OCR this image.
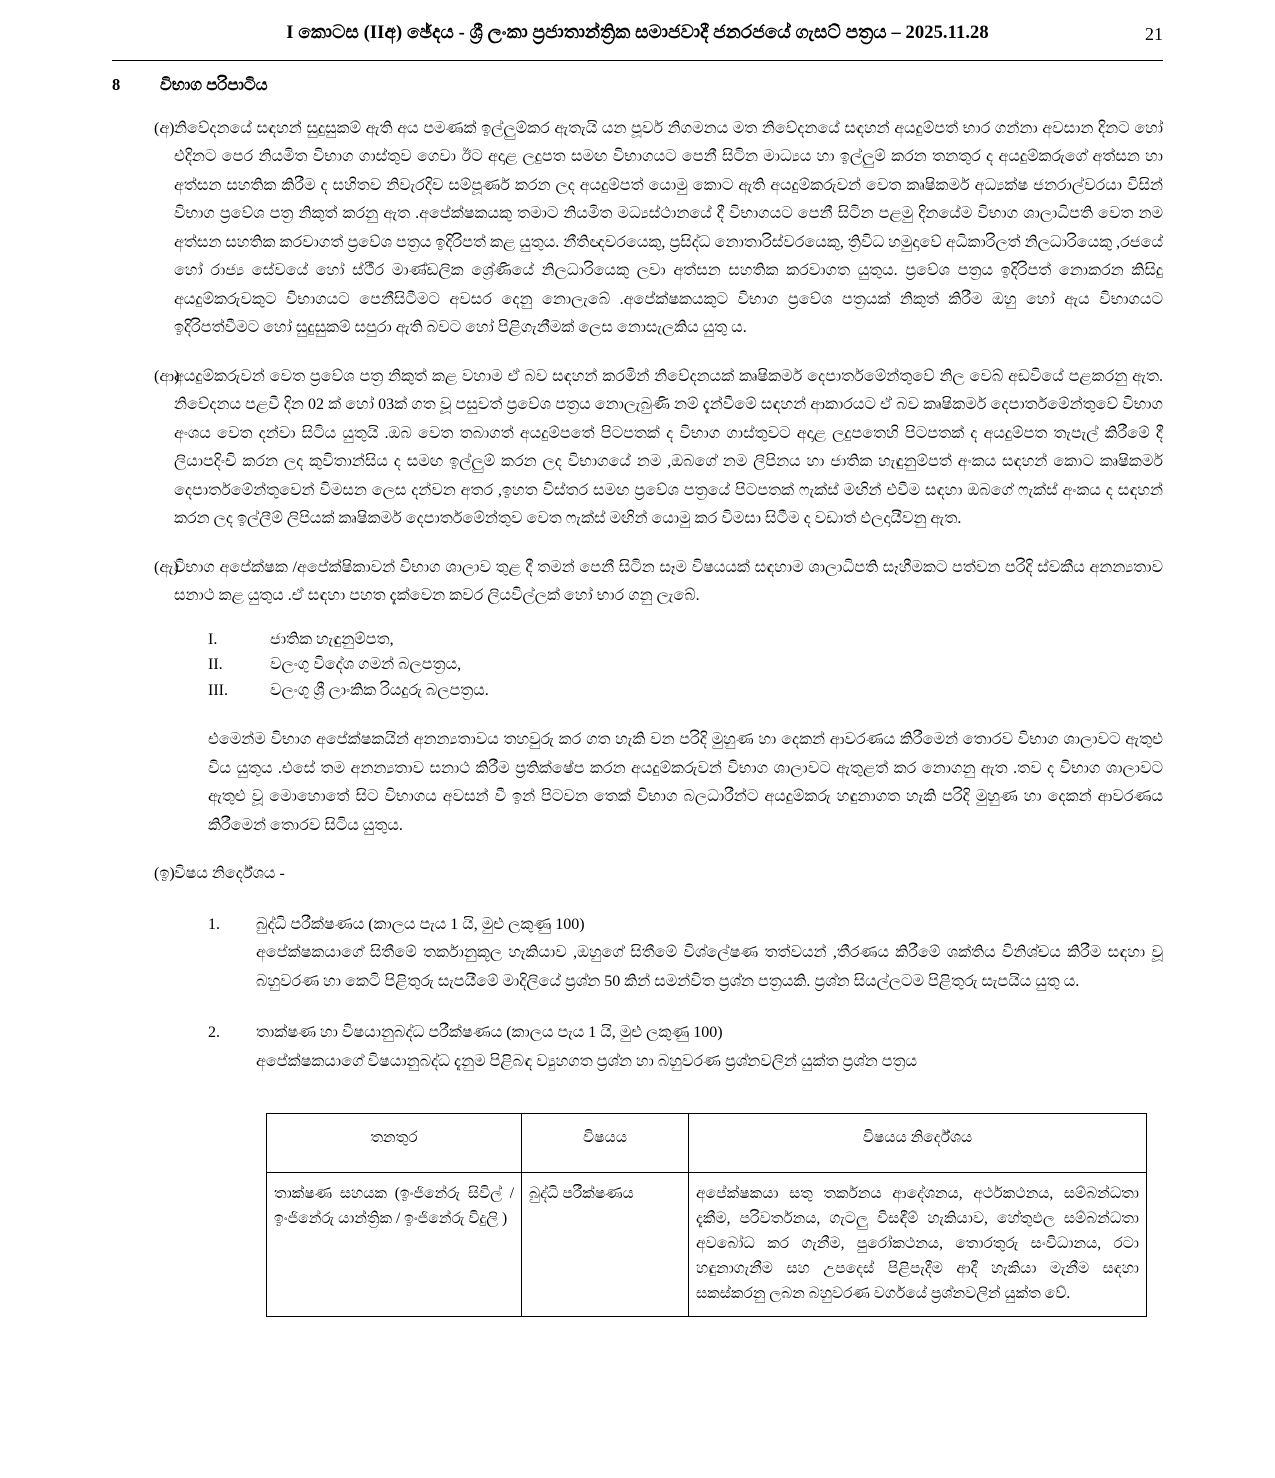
I කොටස (IIඅ) ඡේදය - ශ්‍රී ලංකා ප්‍රජාතාන්ත්‍රික සමාජවාදී ජනරජයේ ගැසට් පත්‍රය – 2025.11.28	21
8	විභාග පරිපාටිය
(අ) නිවේදනයේ සඳහන් සුදුසුකම් ඇති අය පමණක් ඉල්ලුම්කර ඇතැයි යන පූර්ව නිගමනය මත නිවේදනයේ සඳහන් අයදුම්පත් භාර ගන්නා අවසාන දිනට හෝ එදිනට පෙර නියමිත විභාග ගාස්තුව ගෙවා ඊට අදාළ ලදුපත සමඟ විභාගයට පෙනී සිටින මාධ්‍යය හා ඉල්ලුම් කරන තනතුර ද අයදුම්කරුගේ අත්සන හා අත්සන සහතික කිරීම ද සහිතව නිවැරදිව සම්පූර්ණ කරන ලද අයදුම්පත් යොමු කොට ඇති අයදුම්කරුවන් වෙත කෘෂිකර්ම අධ්‍යක්ෂ ජනරාල්වරයා විසින් විභාග ප්‍රවේශ පත්‍ර නිකුත් කරනු ඇත .අපේක්ෂකයකු තමාට නියමිත මධ්‍යස්ථානයේ දී විභාගයට පෙනී සිටින පළමු දිනයේම විභාග ශාලාධිපති වෙත නම අත්සන සහතික කරවාගත් ප්‍රවේශ පත්‍රය ඉදිරිපත් කළ යුතුය. නීතිඥවරයෙකු, ප්‍රසිද්ධ නොතාරිස්වරයෙකු, ත්‍රිවිධ හමුදාවේ අධිකාරිලත් නිලධාරියෙකු ,රජයේ හෝ රාජ්‍ය සේවයේ හෝ ස්ථීර මාණ්ඩලික ශ්‍රේණියේ නිලධාරියෙකු ලවා අත්සන සහතික කරවාගත යුතුය. ප්‍රවේශ පත්‍රය ඉදිරිපත් නොකරන කිසිදු අයදුම්කරුවකුට විභාගයට පෙනීසිටීමට අවසර දෙනු නොලැබේ .අපේක්ෂකයකුට විභාග ප්‍රවේශ පත්‍රයක් නිකුත් කිරීම ඔහු හෝ ඇය විභාගයට ඉදිරිපත්වීමට හෝ සුදුසුකම් සපුරා ඇති බවට හෝ පිළිගැනීමක් ලෙස නොසැලකිය යුතු ය.
(ආ)
අයදුම්කරුවන් වෙත ප්‍රවේශ පත්‍ර නිකුත් කළ වහාම ඒ බව සඳහන් කරමින් නිවේදනයක් කෘෂිකර්ම දෙපාර්තමේන්තුවේ නිල වෙබ් අඩවියේ පළකරනු ඇත. නිවේදනය පළවී දින 02 ක් හෝ 03ක් ගත වූ පසුවත් ප්‍රවේශ පත්‍රය නොලැබුණි නම් දැන්වීමේ සඳහන් ආකාරයට ඒ බව කෘෂිකර්ම දෙපාර්තමේන්තුවේ විභාග අංශය වෙත දන්වා සිටිය යුතුයි .ඔබ වෙත තබාගත් අයදුම්පතේ පිටපතක් ද විභාග ගාස්තුවට අදාළ ලදුපතෙහි පිටපතක් ද අයදුම්පත තැපැල් කිරීමේ දී ලියාපදිංචි කරන ලද කුවිතාන්සිය ද සමඟ ඉල්ලුම් කරන ලද විභාගයේ නම ,ඔබගේ නම ලිපිනය හා ජාතික හැඳුනුම්පත් අංකය සඳහන් කොට කෘෂිකර්ම දෙපාර්තමේන්තුවෙන් විමසන ලෙස දන්වන අතර ,ඉහත විස්තර සමඟ ප්‍රවේශ පත්‍රයේ පිටපතක් ෆැක්ස් මඟින් එවීම සඳහා ඔබගේ ෆැක්ස් අංකය ද සඳහන් කරන ලද ඉල්ලීම් ලිපියක් කෘෂිකර්ම දෙපාර්තමේන්තුව වෙත ෆැක්ස් මඟින් යොමු කර විමසා සිටීම ද වඩාත් ඵලදායීවනු ඇත.
(ඇ)
විභාග අපේක්ෂක /අපේක්ෂිකාවන් විභාග ශාලාව තුළ දී තමන් පෙනී සිටින සෑම විෂයයක් සඳහාම ශාලාධිපති සෑහීමකට පත්වන පරිදි ස්වකීය අනන්‍යතාව සනාථ කළ යුතුය .ඒ සඳහා පහත දැක්වෙන කවර ලියවිල්ලක් හෝ භාර ගනු ලැබේ.
I.	ජාතික හැඳුනුම්පත,
II.	වලංගු විදේශ ගමන් බලපත්‍රය,
III.	වලංගු ශ්‍රී ලාංකික රියදුරු බලපත්‍රය.
එමෙන්ම විභාග අපේක්ෂකයින් අනන්‍යතාවය තහවුරු කර ගත හැකි වන පරිදි මුහුණ හා දෙකන් ආවරණය කිරීමෙන් තොරව විභාග ශාලාවට ඇතුළු විය යුතුය .එසේ තම අනන්‍යතාව සනාථ කිරීම ප්‍රතික්ෂේප කරන අයදුම්කරුවන් විභාග ශාලාවට ඇතුළත් කර නොගනු ඇත .තව ද විභාග ශාලාවට ඇතුළු වූ මොහොතේ සිට විභාගය අවසන් වී ඉන් පිටවන තෙක් විභාග බලධාරීන්ට අයදුම්කරු හඳුනාගත හැකි පරිදි මුහුණ හා දෙකන් ආවරණය කිරීමෙන් තොරව සිටිය යුතුය.
(ඉ) විෂය නිර්දේශය -
1.	බුද්ධි පරීක්ෂණය (කාලය පැය 1 යි, මුළු ලකුණු 100)
අපේක්ෂකයාගේ සිතීමේ තර්කානුකූල හැකියාව ,ඔහුගේ සිතීමේ විශ්ලේෂණ තත්වයන් ,තීරණය කිරීමේ ශක්තිය විනිශ්චය කිරීම සඳහා වූ බහුවරණ හා කෙටි පිළිතුරු සැපයීමේ මාදිලියේ ප්‍රශ්න 50 කින් සමන්විත ප්‍රශ්න පත්‍රයකි. ප්‍රශ්න සියල්ලටම පිළිතුරු සැපයිය යුතු ය.
2.	තාක්ෂණ හා විෂයානුබද්ධ පරීක්ෂණය (කාලය පැය 1 යි, මුළු ලකුණු 100)
අපේක්ෂකයාගේ විෂයානුබද්ධ දැනුම පිළිබඳ ව්‍යුහගත ප්‍රශ්න හා බහුවරණ ප්‍රශ්නවලින් යුක්ත ප්‍රශ්න පත්‍රය
තනතුර	විෂයය	විෂයය නිර්දේශය
තාක්ෂණ සහයක (ඉංජිනේරු සිවිල් / ඉංජිනේරු යාන්ත්‍රික / ඉංජිනේරු විදුලි )	බුද්ධි පරීක්ෂණය	අපේක්ෂකයා සතු තර්කනය ආදේශනය, අර්ථකථනය, සම්බන්ධතා දැකීම, පරිවර්තනය, ගැටලු විසඳීම් හැකියාව, හේතුඵල සම්බන්ධතා අවබෝධ කර ගැනීම, පුරෝකථනය, තොරතුරු සංවිධානය, රටා හඳුනාගැනීම සහ උපදෙස් පිළිපැදීම ආදී හැකියා මැනීම සඳහා සකස්කරනු ලබන බහුවරණ වර්ගයේ ප්‍රශ්නවලින් යුක්ත වේ.
